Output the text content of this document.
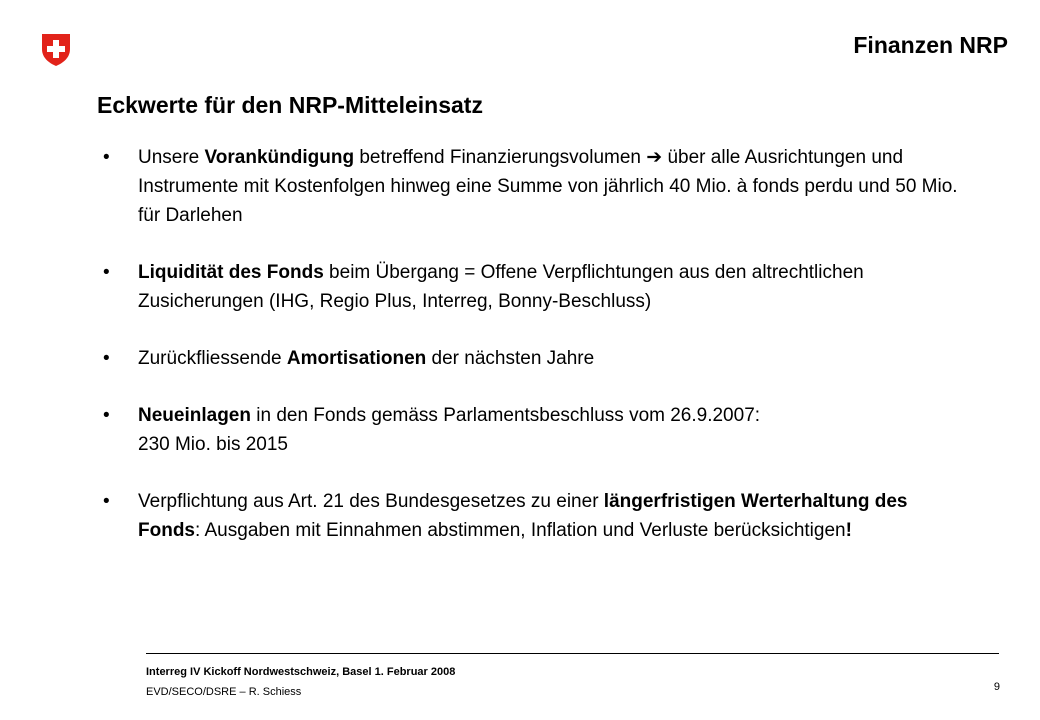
Finanzen NRP
Eckwerte für den NRP-Mitteleinsatz
• Unsere Vorankündigung betreffend Finanzierungsvolumen ➔ über alle Ausrichtungen und Instrumente mit Kostenfolgen hinweg eine Summe von jährlich 40 Mio. à fonds perdu und 50 Mio. für Darlehen
• Liquidität des Fonds beim Übergang = Offene Verpflichtungen aus den altrechtlichen Zusicherungen (IHG, Regio Plus, Interreg, Bonny-Beschluss)
• Zurückfliessende Amortisationen der nächsten Jahre
• Neueinlagen in den Fonds gemäss Parlamentsbeschluss vom 26.9.2007:
230 Mio. bis 2015
• Verpflichtung aus Art. 21 des Bundesgesetzes zu einer längerfristigen Werterhaltung des Fonds: Ausgaben mit Einnahmen abstimmen, Inflation und Verluste berücksichtigen!
Interreg IV Kickoff Nordwestschweiz, Basel 1. Februar 2008
EVD/SECO/DSRE – R. Schiess	9
